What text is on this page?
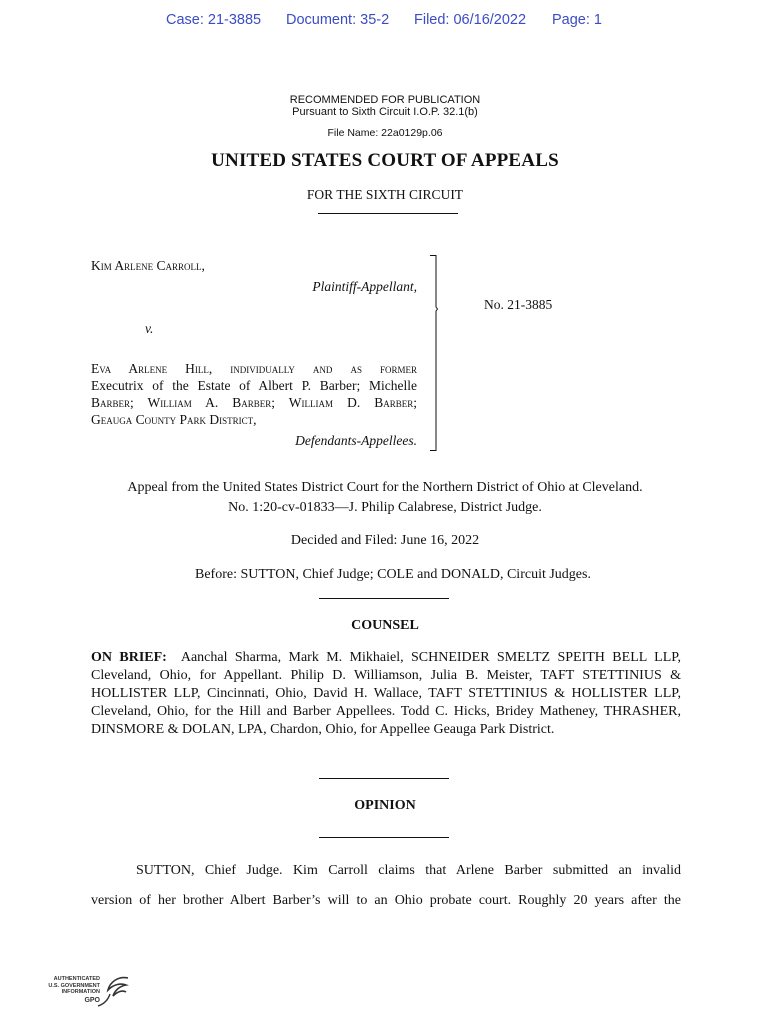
Case: 21-3885 Document: 35-2 Filed: 06/16/2022 Page: 1
RECOMMENDED FOR PUBLICATION
Pursuant to Sixth Circuit I.O.P. 32.1(b)
File Name: 22a0129p.06
UNITED STATES COURT OF APPEALS
FOR THE SIXTH CIRCUIT
Kim Arlene Carroll,
Plaintiff-Appellant,
v.
Eva Arlene Hill, individually and as former
Executrix of the Estate of Albert P. Barber; Michelle
Barber; William A. Barber; William D. Barber;
Geauga County Park District,
Defendants-Appellees.
No. 21-3885
Appeal from the United States District Court for the Northern District of Ohio at Cleveland.
No. 1:20-cv-01833—J. Philip Calabrese, District Judge.
Decided and Filed: June 16, 2022
Before: SUTTON, Chief Judge; COLE and DONALD, Circuit Judges.
COUNSEL
ON BRIEF: Aanchal Sharma, Mark M. Mikhaiel, SCHNEIDER SMELTZ SPEITH BELL LLP, Cleveland, Ohio, for Appellant. Philip D. Williamson, Julia B. Meister, TAFT STETTINIUS & HOLLISTER LLP, Cincinnati, Ohio, David H. Wallace, TAFT STETTINIUS & HOLLISTER LLP, Cleveland, Ohio, for the Hill and Barber Appellees. Todd C. Hicks, Bridey Matheney, THRASHER, DINSMORE & DOLAN, LPA, Chardon, Ohio, for Appellee Geauga Park District.
OPINION
SUTTON, Chief Judge. Kim Carroll claims that Arlene Barber submitted an invalid
version of her brother Albert Barber’s will to an Ohio probate court. Roughly 20 years after the
AUTHENTICATED
U.S. GOVERNMENT
INFORMATION
GPO
